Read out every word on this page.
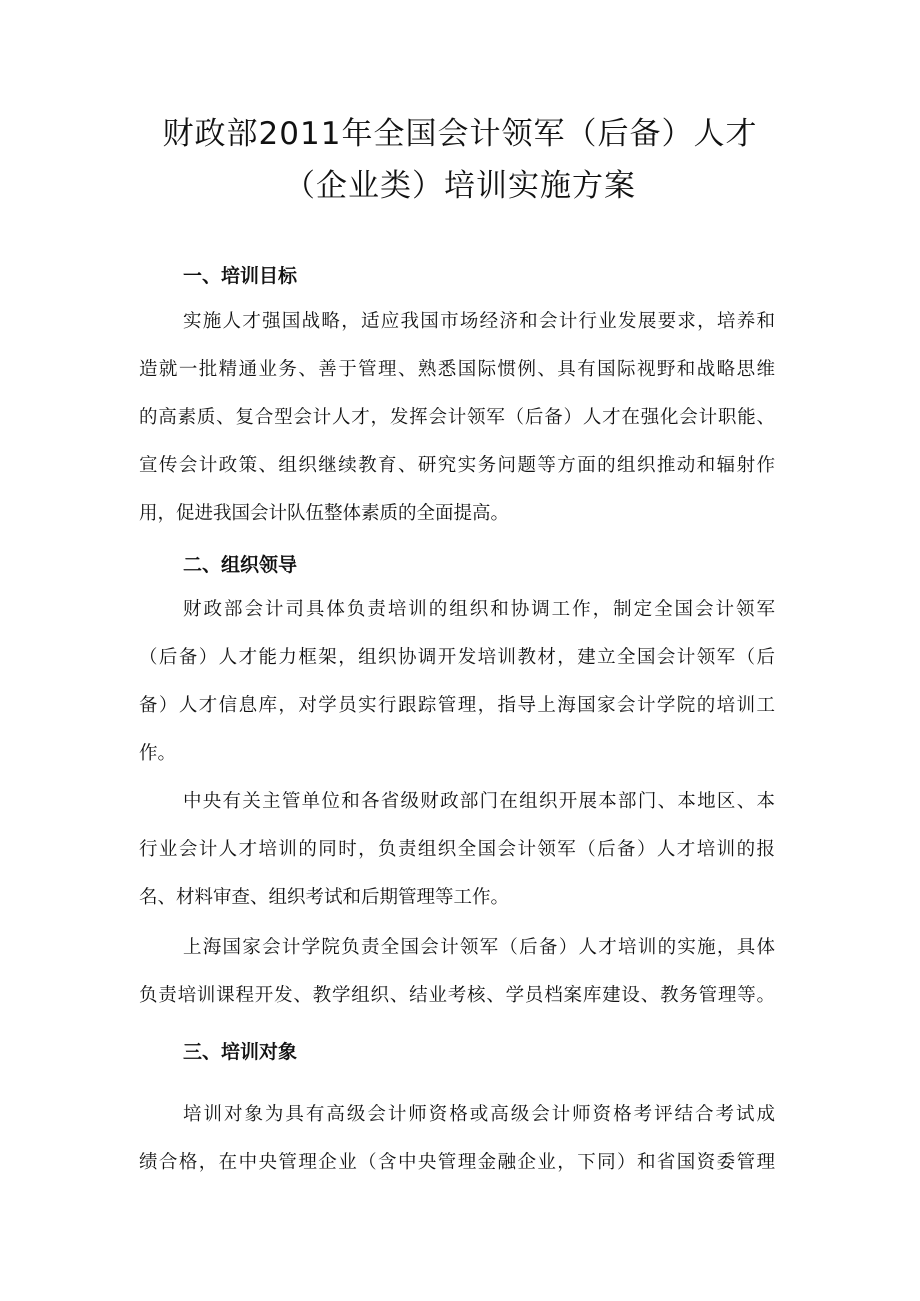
财政部2011年全国会计领军（后备）人才
（企业类）培训实施方案
一、培训目标

实施人才强国战略，适应我国市场经济和会计行业发展要求，培养和

造就一批精通业务、善于管理、熟悉国际惯例、具有国际视野和战略思维

的高素质、复合型会计人才，发挥会计领军（后备）人才在强化会计职能、

宣传会计政策、组织继续教育、研究实务问题等方面的组织推动和辐射作

用，促进我国会计队伍整体素质的全面提高。

二、组织领导

财政部会计司具体负责培训的组织和协调工作，制定全国会计领军

（后备）人才能力框架，组织协调开发培训教材，建立全国会计领军（后

备）人才信息库，对学员实行跟踪管理，指导上海国家会计学院的培训工

作。

中央有关主管单位和各省级财政部门在组织开展本部门、本地区、本

行业会计人才培训的同时，负责组织全国会计领军（后备）人才培训的报

名、材料审查、组织考试和后期管理等工作。

上海国家会计学院负责全国会计领军（后备）人才培训的实施，具体

负责培训课程开发、教学组织、结业考核、学员档案库建设、教务管理等。

三、培训对象

培训对象为具有高级会计师资格或高级会计师资格考评结合考试成

绩合格，在中央管理企业（含中央管理金融企业，下同）和省国资委管理
